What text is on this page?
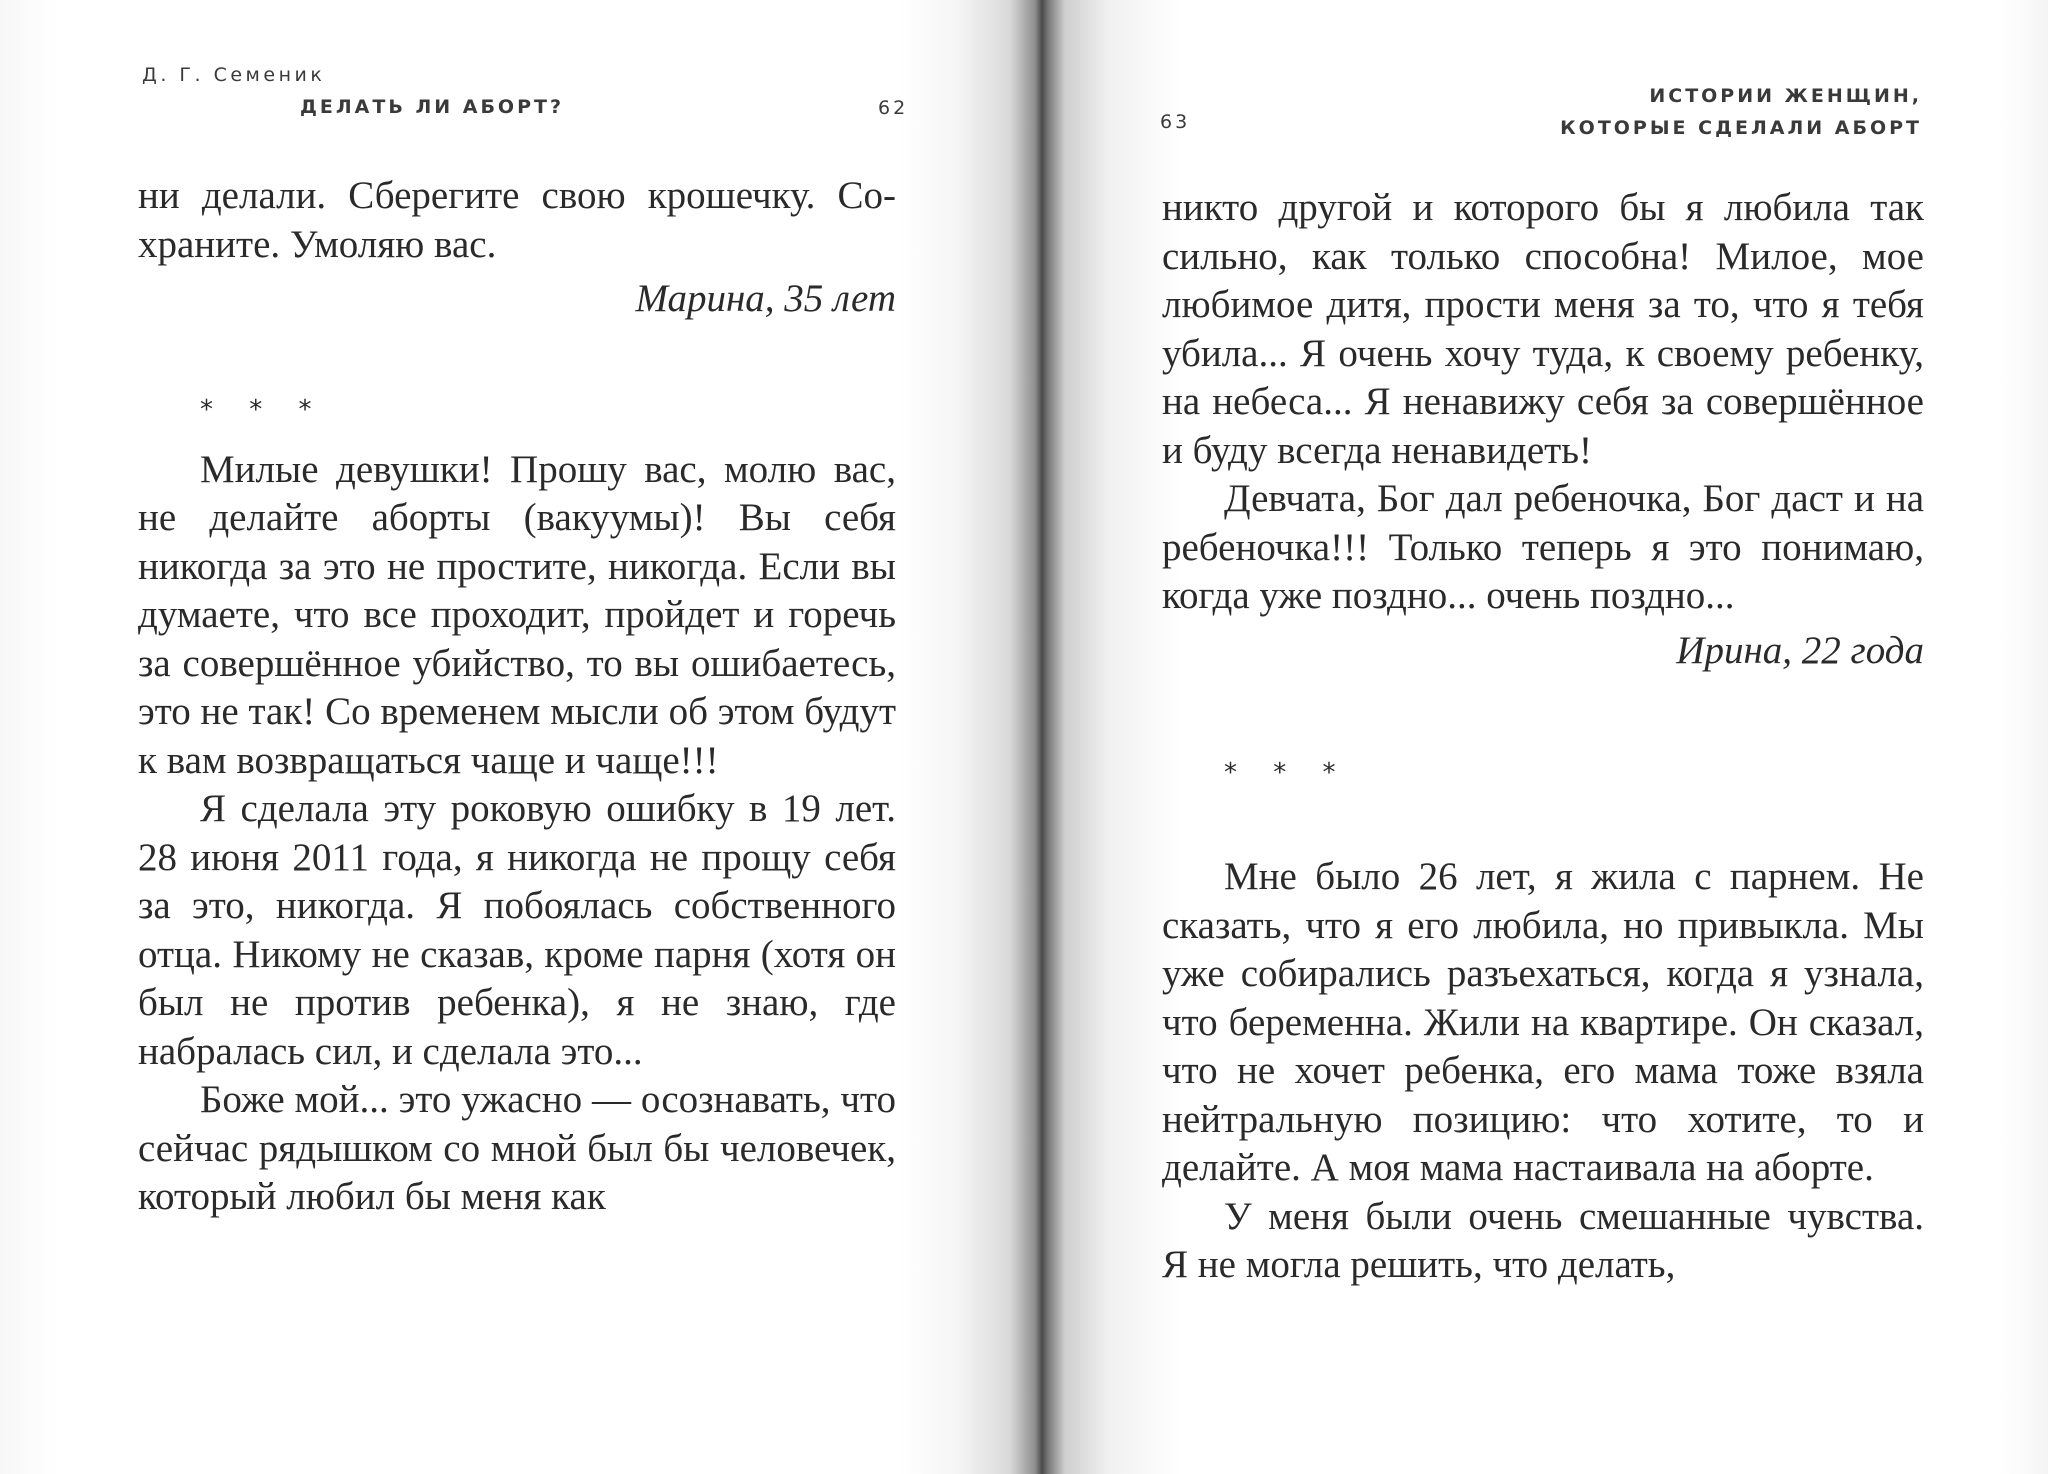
Д. Г. Семеник
ДЕЛАТЬ ЛИ АБОРТ?	62

ни делали. Сберегите свою крошечку. Сохраните. Умоляю вас.

Марина, 35 лет

* * *

Милые девушки! Прошу вас, молю вас, не делайте аборты (вакуумы)! Вы себя никогда за это не простите, никогда. Если вы думаете, что все проходит, пройдет и горечь за совершённое убийство, то вы ошибаетесь, это не так! Со временем мысли об этом будут к вам возвращаться чаще и чаще!!!

Я сделала эту роковую ошибку в 19 лет. 28 июня 2011 года, я никогда не прощу себя за это, никогда. Я побоялась собственного отца. Никому не сказав, кроме парня (хотя он был не против ребенка), я не знаю, где набралась сил, и сделала это...

Боже мой... это ужасно — осознавать, что сейчас рядышком со мной был бы человечек, который любил бы меня как

ИСТОРИИ ЖЕНЩИН,
КОТОРЫЕ СДЕЛАЛИ АБОРТ
63

никто другой и которого бы я любила так сильно, как только способна! Милое, мое любимое дитя, прости меня за то, что я тебя убила... Я очень хочу туда, к своему ребенку, на небеса... Я ненавижу себя за совершённое и буду всегда ненавидеть!

Девчата, Бог дал ребеночка, Бог даст и на ребеночка!!! Только теперь я это понимаю, когда уже поздно... очень поздно...

Ирина, 22 года

* * *

Мне было 26 лет, я жила с парнем. Не сказать, что я его любила, но привыкла. Мы уже собирались разъехаться, когда я узнала, что беременна. Жили на квартире. Он сказал, что не хочет ребенка, его мама тоже взяла нейтральную позицию: что хотите, то и делайте. А моя мама настаивала на аборте.

У меня были очень смешанные чувства. Я не могла решить, что делать,
